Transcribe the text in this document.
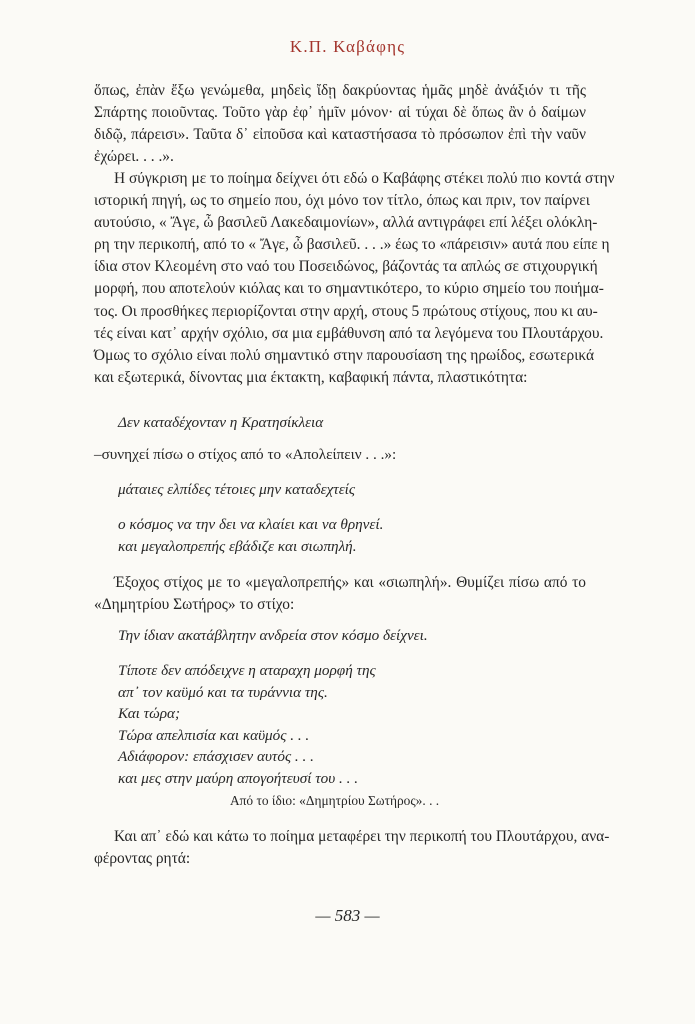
Κ.Π. Καβάφης
ὅπως, ἐπὰν ἔξω γενώμεθα, μηδεὶς ἴδῃ δακρύοντας ἡμᾶς μηδὲ ἀνάξιόν τι τῆς
Σπάρτης ποιοῦντας. Τοῦτο γὰρ ἐφ᾽ ἡμῖν μόνον· αἱ τύχαι δὲ ὅπως ἂν ὁ δαίμων
διδῷ, πάρεισι». Ταῦτα δ᾽ εἰποῦσα καὶ καταστήσασα τὸ πρόσωπον ἐπὶ τὴν ναῦν
ἐχώρει. . . .».
Η σύγκριση με το ποίημα δείχνει ότι εδώ ο Καβάφης στέκει πολύ πιο κοντά στην
ιστορική πηγή, ως το σημείο που, όχι μόνο τον τίτλο, όπως και πριν, τον παίρνει
αυτούσιο, « Ἄγε, ὦ βασιλεῦ Λακεδαιμονίων», αλλά αντιγράφει επί λέξει ολόκλη-
ρη την περικοπή, από το « Ἄγε, ὦ βασιλεῦ. . . .» έως το «πάρεισιν» αυτά που είπε η
ίδια στον Κλεομένη στο ναό του Ποσειδώνος, βάζοντάς τα απλώς σε στιχουργική
μορφή, που αποτελούν κιόλας και το σημαντικότερο, το κύριο σημείο του ποιήμα-
τος. Οι προσθήκες περιορίζονται στην αρχή, στους 5 πρώτους στίχους, που κι αυ-
τές είναι κατ᾽ αρχήν σχόλιο, σα μια εμβάθυνση από τα λεγόμενα του Πλουτάρχου.
Όμως το σχόλιο είναι πολύ σημαντικό στην παρουσίαση της ηρωίδος, εσωτερικά
και εξωτερικά, δίνοντας μια έκτακτη, καβαφική πάντα, πλαστικότητα:
Δεν καταδέχονταν η Κρατησίκλεια
–συνηχεί πίσω ο στίχος από το «Απολείπειν . . .»:
μάταιες ελπίδες τέτοιες μην καταδεχτείς
ο κόσμος να την δει να κλαίει και να θρηνεί.
και μεγαλοπρεπής εβάδιζε και σιωπηλή.
Έξοχος στίχος με το «μεγαλοπρεπής» και «σιωπηλή». Θυμίζει πίσω από το
«Δημητρίου Σωτήρος» το στίχο:
Την ίδιαν ακατάβλητην ανδρεία στον κόσμο δείχνει.
Τίποτε δεν απόδειχνε η αταραχη μορφή της
απ᾽ τον καϋμό και τα τυράννια της.
Και τώρα;
Τώρα απελπισία και καϋμός . . .
Αδιάφορον: επάσχισεν αυτός . . .
και μες στην μαύρη απογοήτευσί του . . .
Από το ίδιο: «Δημητρίου Σωτήρος». . .
Και απ᾽ εδώ και κάτω το ποίημα μεταφέρει την περικοπή του Πλουτάρχου, ανα-
φέροντας ρητά:
— 583 —
